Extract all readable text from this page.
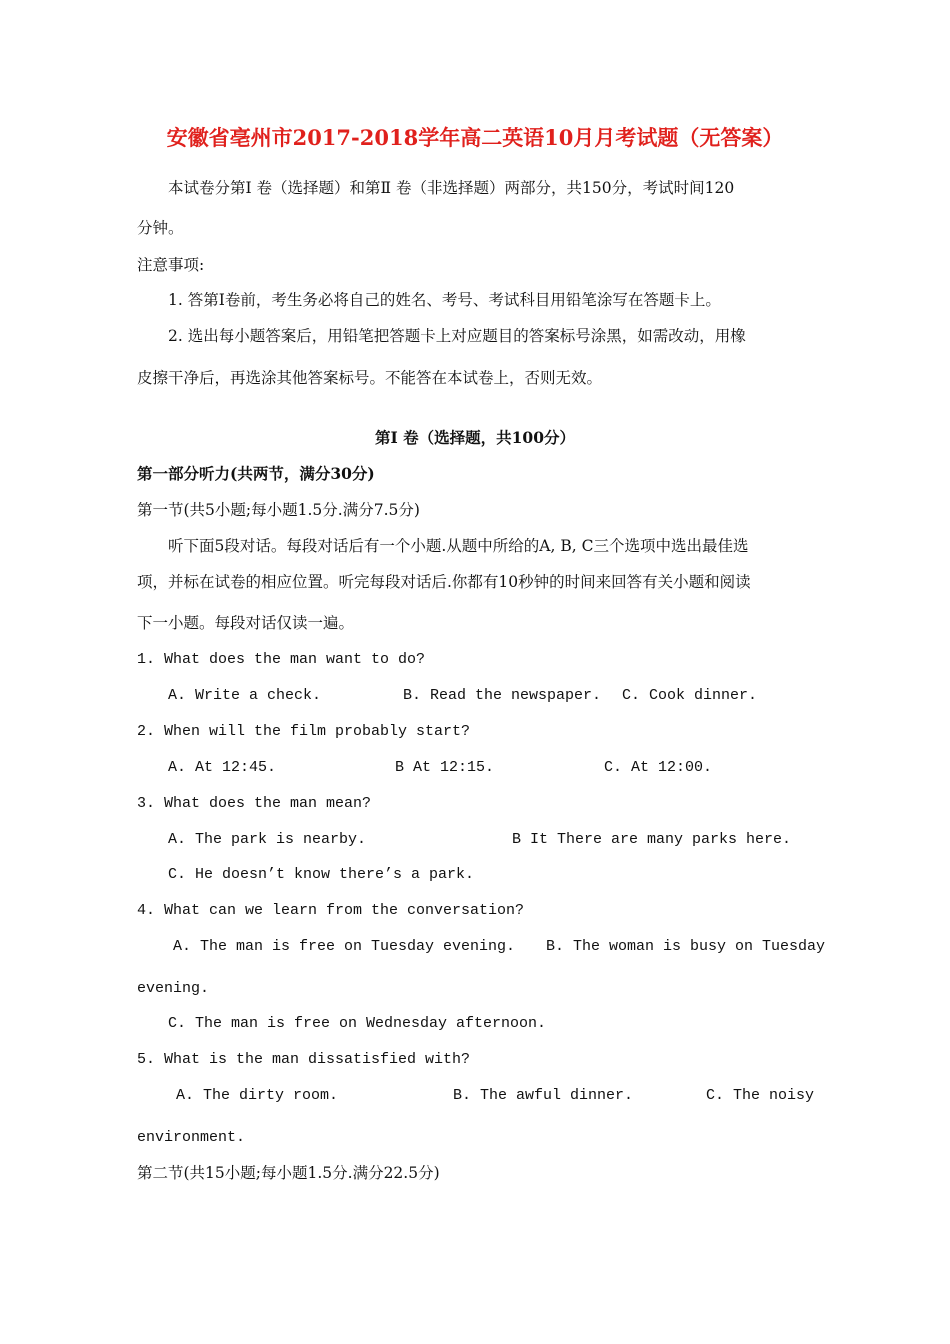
安徽省亳州市2017-2018学年高二英语10月月考试题（无答案）
本试卷分第Ⅰ 卷（选择题）和第Ⅱ 卷（非选择题）两部分，共150分，考试时间120
分钟。
注意事项:
1. 答第Ⅰ卷前，考生务必将自己的姓名、考号、考试科目用铅笔涂写在答题卡上。
2. 选出每小题答案后，用铅笔把答题卡上对应题目的答案标号涂黑，如需改动，用橡
皮擦干净后，再选涂其他答案标号。不能答在本试卷上，否则无效。
第Ⅰ 卷（选择题，共100分）
第一部分听力(共两节，满分30分)
第一节(共5小题;每小题1.5分.满分7.5分)
听下面5段对话。每段对话后有一个小题.从题中所给的A, B, C三个选项中选出最佳选
项，并标在试卷的相应位置。听完每段对话后.你都有10秒钟的时间来回答有关小题和阅读
下一小题。每段对话仅读一遍。
1. What does the man want to do?
A. Write a check.	B. Read the newspaper. C. Cook dinner.
2. When will the film probably start?
A. At 12:45.	B At 12:15.	C. At 12:00.
3. What does the man mean?
A. The park is nearby.	B It There are many parks here.
C. He doesn’t know there’s a park.
4. What can we learn from the conversation?
A. The man is free on Tuesday evening. B. The woman is busy on Tuesday
evening.
C. The man is free on Wednesday afternoon.
5. What is the man dissatisfied with?
A. The dirty room.	B. The awful dinner.	C. The noisy
environment.
第二节(共15小题;每小题1.5分.满分22.5分)
